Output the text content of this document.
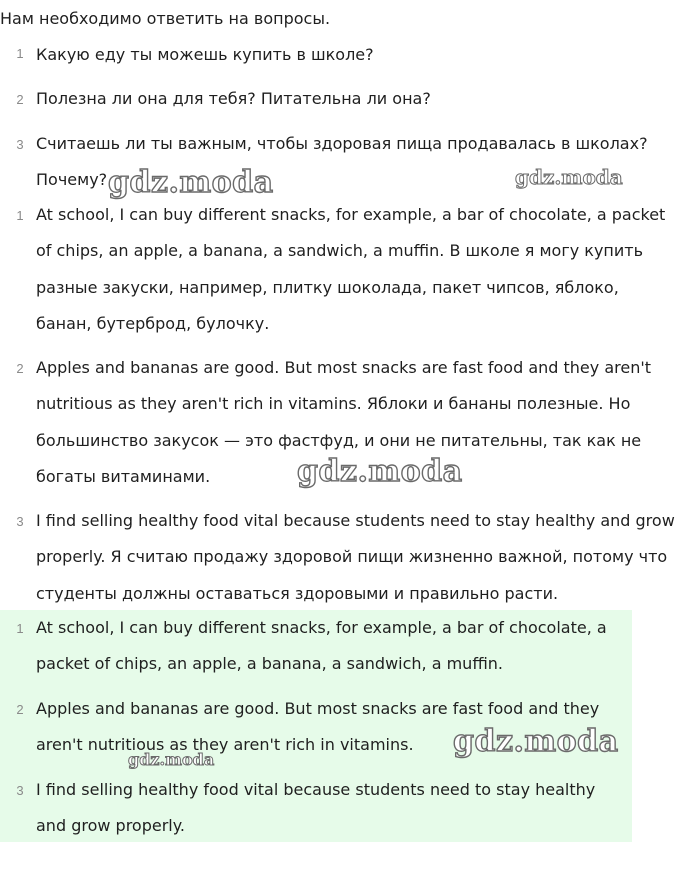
Нам необходимо ответить на вопросы.

1 Какую еду ты можешь купить в школе?

2 Полезна ли она для тебя? Питательна ли она?

3 Считаешь ли ты важным, чтобы здоровая пища продавалась в школах? Почему?

1 At school, I can buy different snacks, for example, a bar of chocolate, a packet of chips, an apple, a banana, a sandwich, a muffin. В школе я могу купить разные закуски, например, плитку шоколада, пакет чипсов, яблоко, банан, бутерброд, булочку.

2 Apples and bananas are good. But most snacks are fast food and they aren't nutritious as they aren't rich in vitamins. Яблоки и бананы полезные. Но большинство закусок — это фастфуд, и они не питательны, так как не богаты витаминами.

3 I find selling healthy food vital because students need to stay healthy and grow properly. Я считаю продажу здоровой пищи жизненно важной, потому что студенты должны оставаться здоровыми и правильно расти.

1 At school, I can buy different snacks, for example, a bar of chocolate, a packet of chips, an apple, a banana, a sandwich, a muffin.

2 Apples and bananas are good. But most snacks are fast food and they aren't nutritious as they aren't rich in vitamins.

3 I find selling healthy food vital because students need to stay healthy and grow properly.

gdz.moda	gdz.moda
gdz.moda
gdz.moda
gdz.moda
